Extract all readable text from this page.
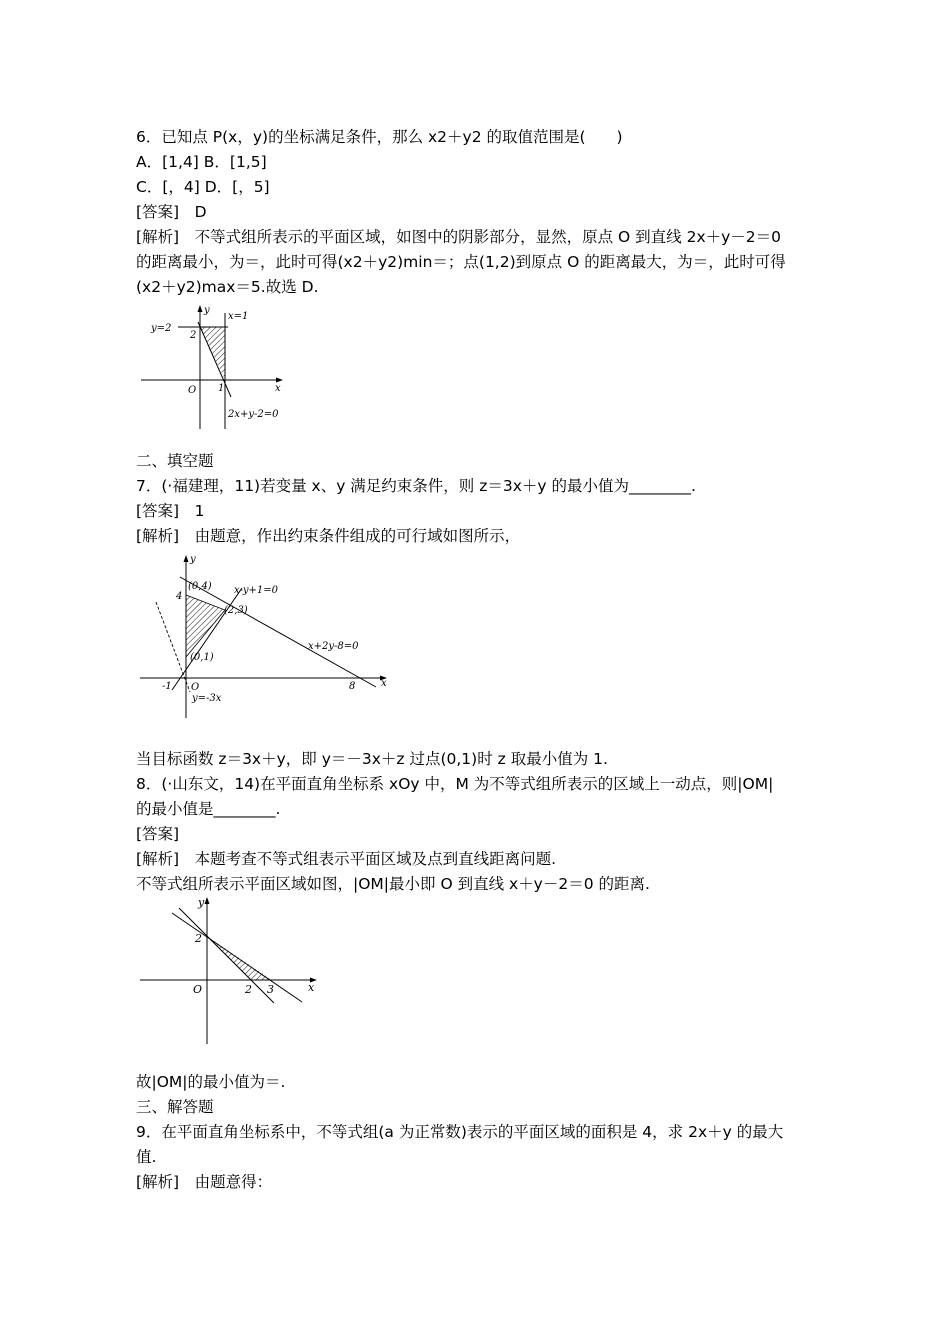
6．已知点 P(x，y)的坐标满足条件，那么 x2＋y2 的取值范围是(　　)
A．[1,4] B．[1,5]
C．[，4] D．[，5]
[答案]　D
[解析]　不等式组所表示的平面区域，如图中的阴影部分，显然，原点 O 到直线 2x＋y－2＝0
的距离最小，为＝，此时可得(x2＋y2)min＝；点(1,2)到原点 O 的距离最大，为＝，此时可得
(x2＋y2)max＝5.故选 D.
y
x
O
y=2
x=1
2x+y-2=0
2
1
二、填空题
7．(·福建理，11)若变量 x、y 满足约束条件，则 z＝3x＋y 的最小值为________.
[答案]　1
[解析]　由题意，作出约束条件组成的可行域如图所示，
y
x
O
(0,4)
(2,3)
(0,1)
x-y+1=0
x+2y-8=0
y=-3x
4
8
-1
当目标函数 z＝3x＋y，即 y＝－3x＋z 过点(0,1)时 z 取最小值为 1.
8．(·山东文，14)在平面直角坐标系 xOy 中，M 为不等式组所表示的区域上一动点，则|OM|
的最小值是________.
[答案]
[解析]　本题考查不等式组表示平面区域及点到直线距离问题.
不等式组所表示平面区域如图，|OM|最小即 O 到直线 x＋y－2＝0 的距离.
y
x
O
2
2 3
故|OM|的最小值为＝.
三、解答题
9．在平面直角坐标系中，不等式组(a 为正常数)表示的平面区域的面积是 4，求 2x＋y 的最大
值.
[解析]　由题意得：
